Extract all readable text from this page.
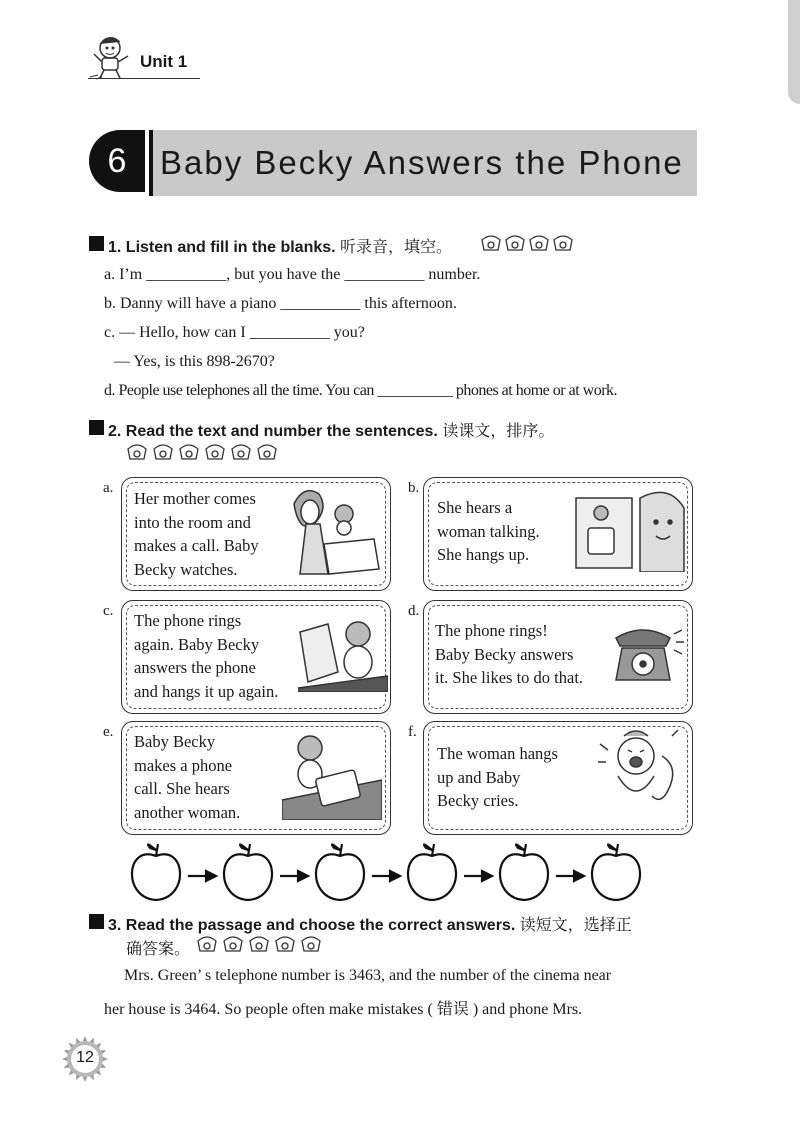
Unit 1
6	Baby Becky Answers the Phone
1. Listen and fill in the blanks. 听录音，填空。
a. I’m __________, but you have the __________ number.
b. Danny will have a piano __________ this afternoon.
c. — Hello, how can I __________ you?
— Yes, is this 898-2670?
d. People use telephones all the time. You can __________ phones at home or at work.
2. Read the text and number the sentences. 读课文，排序。
a.
Her mother comes
into the room and
makes a call. Baby
Becky watches.
b.
She hears a
woman talking.
She hangs up.
c. The phone rings
again. Baby Becky
answers the phone
and hangs it up again.
d.
The phone rings!
Baby Becky answers
it. She likes to do that.
e. Baby Becky
makes a phone
call. She hears
another woman.
f.
The woman hangs
up and Baby
Becky cries.
3. Read the passage and choose the correct answers. 读短文，选择正
确答案。
Mrs. Green’ s telephone number is 3463, and the number of the cinema near
her house is 3464. So people often make mistakes ( 错误 ) and phone Mrs.
12
